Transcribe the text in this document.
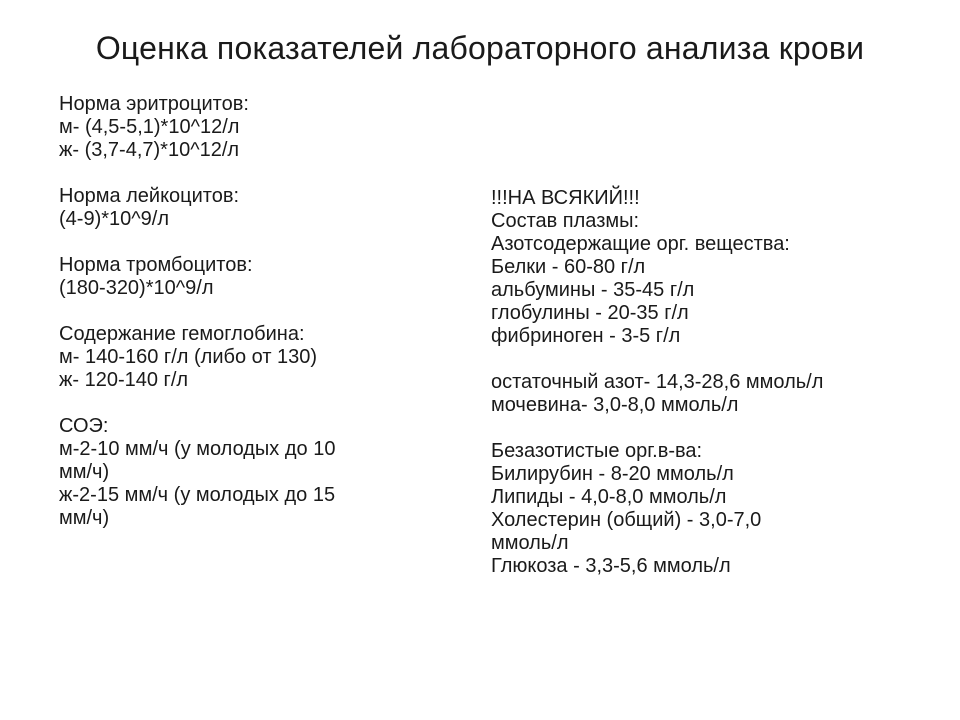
Оценка показателей лабораторного анализа крови
Норма эритроцитов:
м- (4,5-5,1)*10^12/л
ж- (3,7-4,7)*10^12/л
Норма лейкоцитов:
(4-9)*10^9/л
Норма тромбоцитов:
(180-320)*10^9/л
Содержание гемоглобина:
м- 140-160 г/л (либо от 130)
ж- 120-140 г/л
СОЭ:
м-2-10 мм/ч (у молодых до 10
мм/ч)
ж-2-15 мм/ч (у молодых до 15
мм/ч)
!!!НА ВСЯКИЙ!!!
Состав плазмы:
Азотсодержащие орг. вещества:
Белки - 60-80 г/л
альбумины - 35-45 г/л
глобулины - 20-35 г/л
фибриноген - 3-5 г/л
остаточный азот- 14,3-28,6 ммоль/л
мочевина- 3,0-8,0 ммоль/л
Безазотистые орг.в-ва:
Билирубин - 8-20 ммоль/л
Липиды - 4,0-8,0 ммоль/л
Холестерин (общий) - 3,0-7,0
ммоль/л
Глюкоза - 3,3-5,6 ммоль/л
